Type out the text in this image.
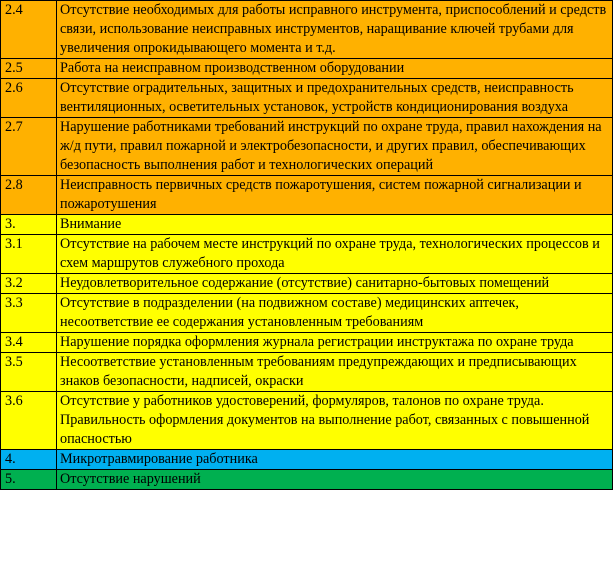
2.4	Отсутствие необходимых для работы исправного инструмента, приспособлений и средств связи, использование неисправных инструментов, наращивание ключей трубами для увеличения опрокидывающего момента и т.д.
2.5	Работа на неисправном производственном оборудовании
2.6	Отсутствие оградительных, защитных и предохранительных средств, неисправность вентиляционных, осветительных установок, устройств кондиционирования воздуха
2.7	Нарушение работниками требований инструкций по охране труда, правил нахождения на ж/д пути, правил пожарной и электробезопасности, и других правил, обеспечивающих безопасность выполнения работ и технологических операций
2.8	Неисправность первичных средств пожаротушения, систем пожарной сигнализации и пожаротушения
3.	Внимание
3.1	Отсутствие на рабочем месте инструкций по охране труда, технологических процессов и схем маршрутов служебного прохода
3.2	Неудовлетворительное содержание (отсутствие) санитарно-бытовых помещений
3.3	Отсутствие в подразделении (на подвижном составе) медицинских аптечек, несоответствие ее содержания установленным требованиям
3.4	Нарушение порядка оформления журнала регистрации инструктажа по охране труда
3.5	Несоответствие установленным требованиям предупреждающих и предписывающих знаков безопасности, надписей, окраски
3.6	Отсутствие у работников удостоверений, формуляров, талонов по охране труда. Правильность оформления документов на выполнение работ, связанных с повышенной опасностью
4.	Микротравмирование работника
5.	Отсутствие нарушений
